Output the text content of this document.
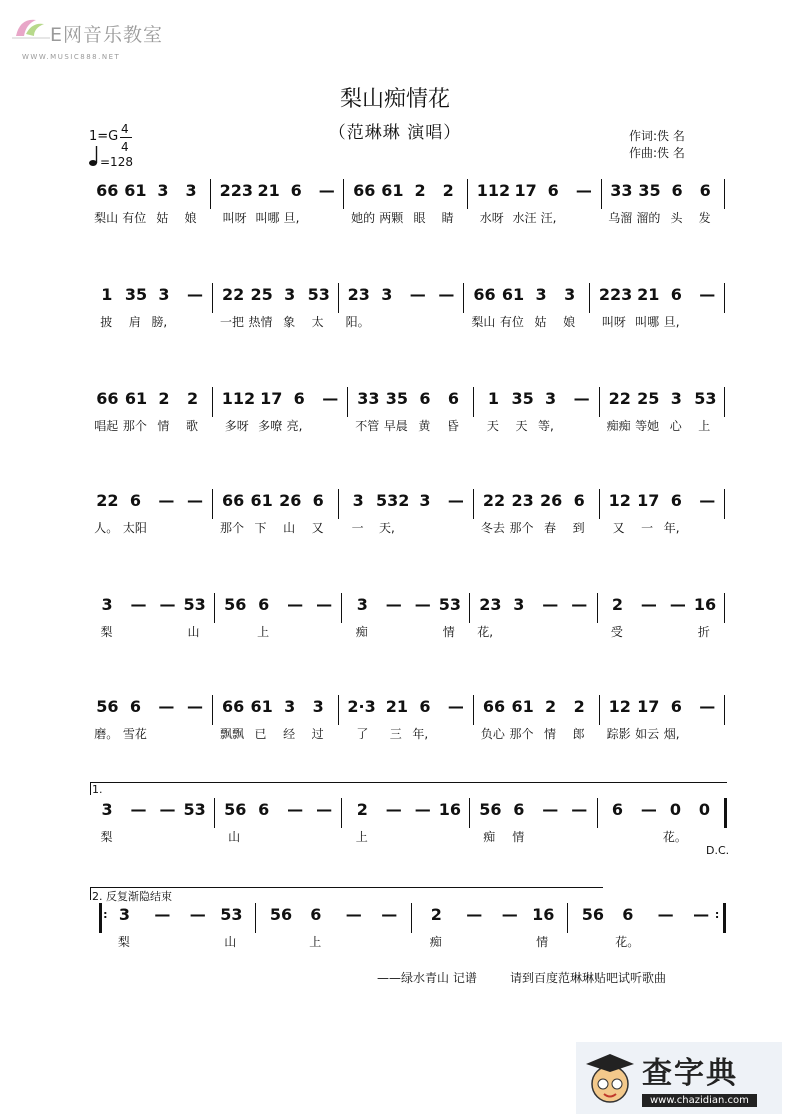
E网音乐教室
WWW.MUSIC888.NET
梨山痴情花
（范琳琳 演唱）
1=G 4
4
=128
作词:佚 名
作曲:佚 名
66 61 3 3 223 21 6 — 66 61 2 2 112 17 6 — 33 35 6 6
梨山 有位 姑 娘 叫呀 叫哪 旦,	她的 两颗 眼 睛 水呀 水汪 汪,	乌溜 溜的 头 发
1 35 3 — 22 25 3 53 23 3 — — 66 61 3 3 223 21 6 —
披 肩 膀,	一把 热情 象 太 阳。	梨山 有位 姑 娘 叫呀 叫哪 旦,
66 61 2 2 112 17 6 — 33 35 6 6 1 35 3 — 22 25 3 53
唱起 那个 情 歌 多呀 多嘹 亮,	不管 早晨 黄 昏 天 天 等,	痴痴 等她 心 上
22 6 — — 66 61 26 6 3 532 3 — 22 23 26 6 12 17 6 —
人。 太阳	那个 下 山 又 一 天,	冬去 那个 春 到 又 一 年,
3 — — 53 56 6 — — 3 — — 53 23 3 — — 2 — — 16
梨	山	上	痴	情 花,	受	折
56 6 — — 66 61 3 3 2·3 21 6 — 66 61 2 2 12 17 6 —
磨。 雪花	飘飘 已 经 过	了 三 年,	负心 那个 情 郎 踪影 如云 烟,
3 — — 53 56 6 — — 2 — — 16 56 6 — — 6 — 0 0
梨	山	上	痴 情	花。
1.
D.C.
: 3 — — 53 56 6 — — 2 — — 16 56 6 — — :
梨	山	上	痴	情	花。
2. 反复渐隐结束
——绿水青山 记谱	请到百度范琳琳贴吧试听歌曲
查字典
www.chazidian.com
